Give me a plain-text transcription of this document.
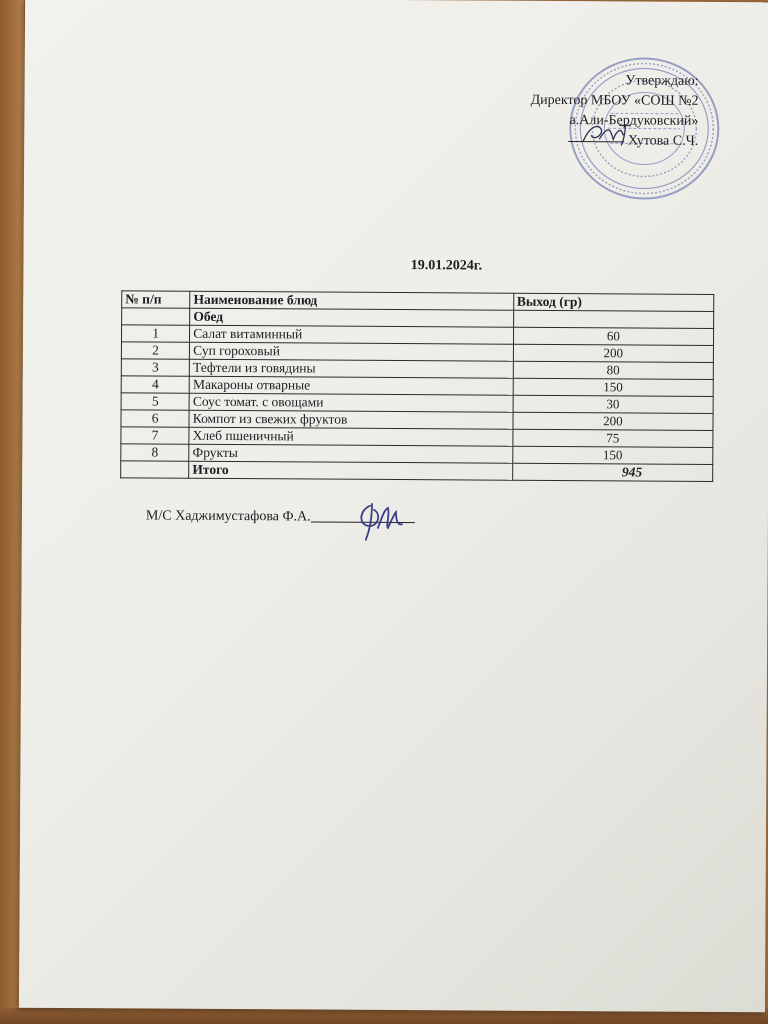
Утверждаю:
Директор МБОУ «СОШ №2
а.Али-Бердуковский»
Хутова С.Ч.
19.01.2024г.
№ п/п	Наименование блюд	Выход (гр)
	Обед	
1	Салат витаминный	60
2	Суп гороховый	200
3	Тефтели из говядины	80
4	Макароны отварные	150
5	Соус томат. с овощами	30
6	Компот из свежих фруктов	200
7	Хлеб пшеничный	75
8	Фрукты	150
	Итого	945
М/С Хаджимустафова Ф.А.
